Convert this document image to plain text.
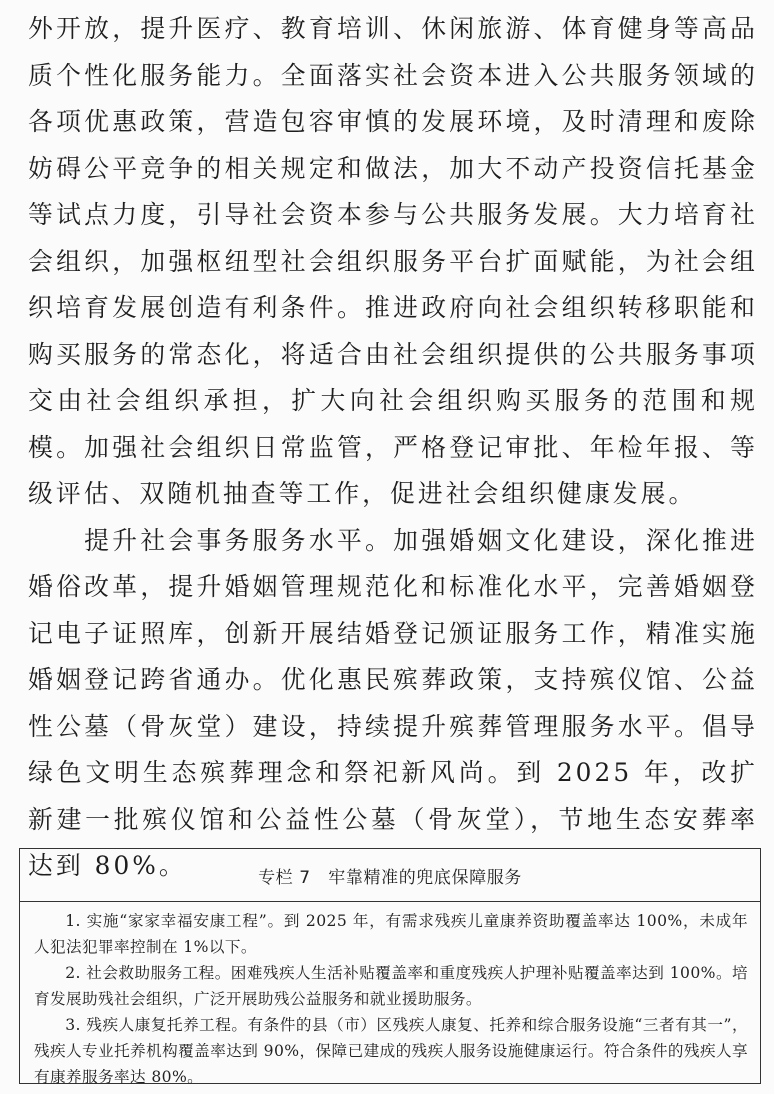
外开放，提升医疗、教育培训、休闲旅游、体育健身等高品质个性化服务能力。全面落实社会资本进入公共服务领域的各项优惠政策，营造包容审慎的发展环境，及时清理和废除妨碍公平竞争的相关规定和做法，加大不动产投资信托基金等试点力度，引导社会资本参与公共服务发展。大力培育社会组织，加强枢纽型社会组织服务平台扩面赋能，为社会组织培育发展创造有利条件。推进政府向社会组织转移职能和购买服务的常态化，将适合由社会组织提供的公共服务事项交由社会组织承担，扩大向社会组织购买服务的范围和规模。加强社会组织日常监管，严格登记审批、年检年报、等级评估、双随机抽查等工作，促进社会组织健康发展。

　　提升社会事务服务水平。加强婚姻文化建设，深化推进婚俗改革，提升婚姻管理规范化和标准化水平，完善婚姻登记电子证照库，创新开展结婚登记颁证服务工作，精准实施婚姻登记跨省通办。优化惠民殡葬政策，支持殡仪馆、公益性公墓（骨灰堂）建设，持续提升殡葬管理服务水平。倡导绿色文明生态殡葬理念和祭祀新风尚。到 2025 年，改扩新建一批殡仪馆和公益性公墓（骨灰堂），节地生态安葬率达到 80%。	专栏 7　牢靠精准的兜底保障服务

1. 实施“家家幸福安康工程”。到 2025 年，有需求残疾儿童康养资助覆盖率达 100%，未成年人犯法犯罪率控制在 1%以下。

2. 社会救助服务工程。困难残疾人生活补贴覆盖率和重度残疾人护理补贴覆盖率达到 100%。培育发展助残社会组织，广泛开展助残公益服务和就业援助服务。

3. 残疾人康复托养工程。有条件的县（市）区残疾人康复、托养和综合服务设施“三者有其一”，残疾人专业托养机构覆盖率达到 90%，保障已建成的残疾人服务设施健康运行。符合条件的残疾人享有康养服务率达 80%。
